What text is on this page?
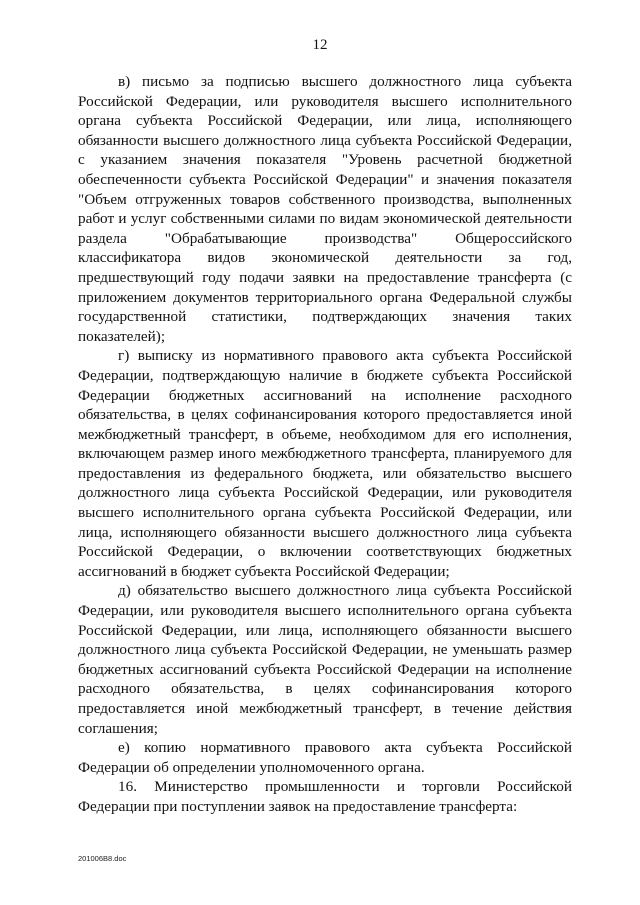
12

в) письмо за подписью высшего должностного лица субъекта Российской Федерации, или руководителя высшего исполнительного органа субъекта Российской Федерации, или лица, исполняющего обязанности высшего должностного лица субъекта Российской Федерации, с указанием значения показателя "Уровень расчетной бюджетной обеспеченности субъекта Российской Федерации" и значения показателя "Объем отгруженных товаров собственного производства, выполненных работ и услуг собственными силами по видам экономической деятельности раздела "Обрабатывающие производства" Общероссийского классификатора видов экономической деятельности за год, предшествующий году подачи заявки на предоставление трансферта (с приложением документов территориального органа Федеральной службы государственной статистики, подтверждающих значения таких показателей);

г) выписку из нормативного правового акта субъекта Российской Федерации, подтверждающую наличие в бюджете субъекта Российской Федерации бюджетных ассигнований на исполнение расходного обязательства, в целях софинансирования которого предоставляется иной межбюджетный трансферт, в объеме, необходимом для его исполнения, включающем размер иного межбюджетного трансферта, планируемого для предоставления из федерального бюджета, или обязательство высшего должностного лица субъекта Российской Федерации, или руководителя высшего исполнительного органа субъекта Российской Федерации, или лица, исполняющего обязанности высшего должностного лица субъекта Российской Федерации, о включении соответствующих бюджетных ассигнований в бюджет субъекта Российской Федерации;

д) обязательство высшего должностного лица субъекта Российской Федерации, или руководителя высшего исполнительного органа субъекта Российской Федерации, или лица, исполняющего обязанности высшего должностного лица субъекта Российской Федерации, не уменьшать размер бюджетных ассигнований субъекта Российской Федерации на исполнение расходного обязательства, в целях софинансирования которого предоставляется иной межбюджетный трансферт, в течение действия соглашения;

е) копию нормативного правового акта субъекта Российской Федерации об определении уполномоченного органа.

16. Министерство промышленности и торговли Российской Федерации при поступлении заявок на предоставление трансферта:

201006В8.doc
